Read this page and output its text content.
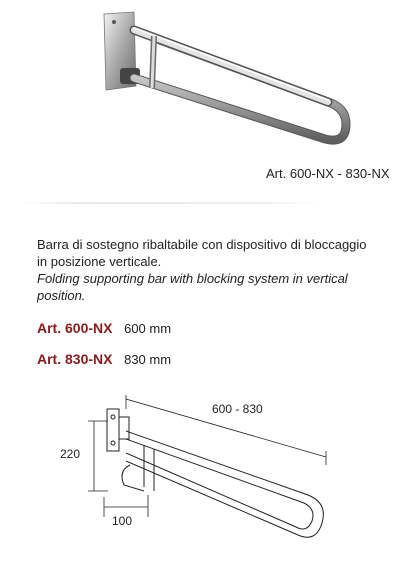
Art. 600-NX - 830-NX

Barra di sostegno ribaltabile con dispositivo di bloccaggio in posizione verticale.

Folding supporting bar with blocking system in vertical position.

Art. 600-NX 600 mm
Art. 830-NX 830 mm
600 - 830
220
100
